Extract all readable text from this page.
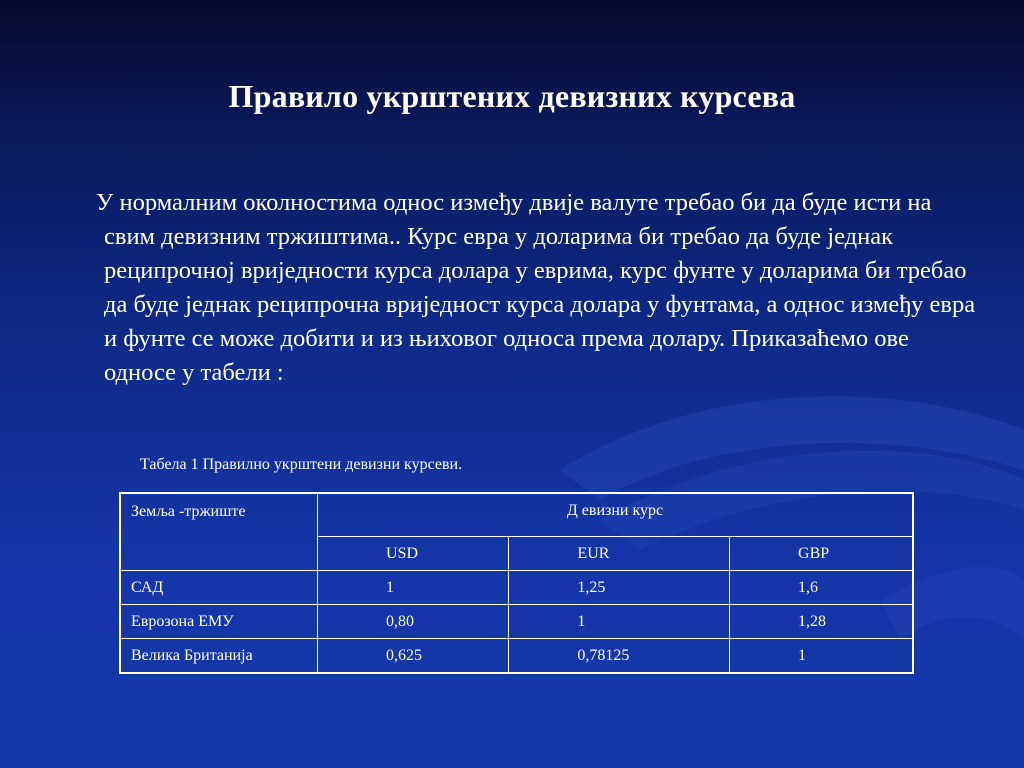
Правило укрштених девизних курсева
У нормалним околностима однос између двије валуте требао би да буде исти на свим девизним тржиштима.. Курс евра у доларима би требао да буде једнак реципрочној вриједности курса долара у еврима, курс фунте у доларима би требао да буде једнак реципрочна вриједност курса долара у фунтама, а однос између евра и фунте се може добити и из њиховог односа према долару. Приказаћемо ове односе у табели :
Табела 1 Правилно укрштени девизни курсеви.
Земља -тржиште	Д евизни курс		
	USD	EUR	GBP
САД	1	1,25	1,6
Еврозона ЕМУ	0,80	1	1,28
Велика Британија	0,625	0,78125	1
